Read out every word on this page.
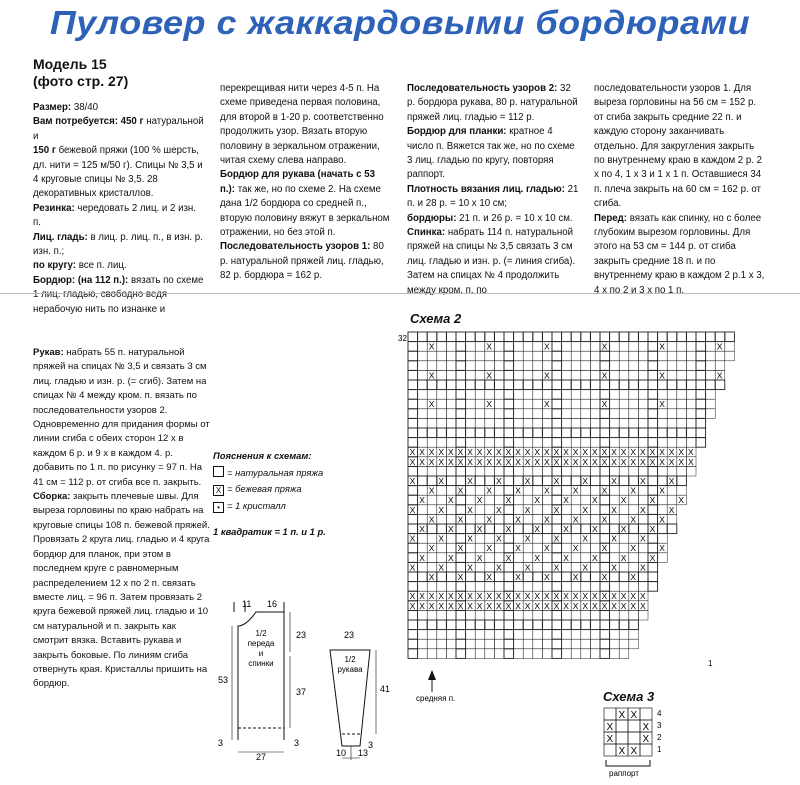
Пуловер с жаккардовыми бордюрами
Модель 15
(фото стр. 27)

Размер: 38/40

Вам потребуется: 450 г натуральной и

150 г бежевой пряжи (100 % шерсть, дл. нити = 125 м/50 г). Спицы № 3,5 и 4 круговые спицы № 3,5. 28 декоративных кристаллов.

Резинка: чередовать 2 лиц. и 2 изн. п.

Лиц. гладь: в лиц. р. лиц. п., в изн. р. изн. п.;

по кругу: все п. лиц.

Бордюр: (на 112 п.): вязать по схеме 1 лиц. гладью, свободно ведя нерабочую нить по изнанке и

перекрещивая нити через 4-5 п. На схеме приведена первая половина, для второй в 1-20 р. соответственно продолжить узор. Вязать вторую половину в зеркальном отражении, читая схему слева направо.

Бордюр для рукава (начать с 53 п.): так же, но по схеме 2. На схеме дана 1/2 бордюра со средней п., вторую половину вяжут в зеркальном отражении, но без этой п.

Последовательность узоров 1: 80 р. натуральной пряжей лиц. гладью, 82 р. бордюра = 162 р.

Последовательность узоров 2: 32 р. бордюра рукава, 80 р. натуральной пряжей лиц. гладью = 112 р.

Бордюр для планки: кратное 4 число п. Вяжется так же, но по схеме 3 лиц. гладью по кругу, повторяя раппорт.

Плотность вязания лиц. гладью: 21 п. и 28 р. = 10 х 10 см;

бордюры: 21 п. и 26 р. = 10 х 10 см.

Спинка: набрать 114 п. натуральной пряжей на спицы № 3,5 связать 3 см лиц. гладью и изн. р. (= линия сгиба). Затем на спицах № 4 продолжить между кром. п. по

последовательности узоров 1. Для выреза горловины на 56 см = 152 р. от сгиба закрыть средние 22 п. и каждую сторону заканчивать отдельно. Для закругления закрыть по внутреннему краю в каждом 2 р. 2 х по 4, 1 х 3 и 1 х 1 п. Оставшиеся 34 п. плеча закрыть на 60 см = 162 р. от сгиба.

Перед: вязать как спинку, но с более глубоким вырезом горловины. Для этого на 53 см = 144 р. от сгиба закрыть средние 18 п. и по внутреннему краю в каждом 2 р.1 х 3, 4 х по 2 и 3 х по 1 п.

Рукав: набрать 55 п. натуральной пряжей на спицах № 3,5 и связать 3 см лиц. гладью и изн. р. (= сгиб). Затем на спицах № 4 между кром. п. вязать по последовательности узоров 2. Одновременно для придания формы от линии сгиба с обеих сторон 12 х в каждом 6 р. и 9 х в каждом 4. р. добавить по 1 п. по рисунку = 97 п. На 41 см = 112 р. от сгиба все п. закрыть.

Сборка: закрыть плечевые швы. Для выреза горловины по краю набрать на круговые спицы 108 п. бежевой пряжей. Провязать 2 круга лиц. гладью и 4 круга бордюр для планок, при этом в последнем круге с равномерным распределением 12 х по 2 п. связать вместе лиц. = 96 п. Затем провязать 2 круга бежевой пряжей лиц. гладью и 10 см натуральной и п. закрыть как смотрит вязка. Вставить рукава и закрыть боковые. По линиям сгиба отвернуть края. Кристаллы пришить на бордюр.

Пояснения к схемам:
= натуральная пряжа
X = бежевая пряжа
• = 1 кристалл
1 квадратик = 1 п. и 1 р.
11 16
23
37
53
3	3
27
1/2
переда
и
спинки
23
41
3
10 13
1/2
рукава
Схема 2
32
1
X	X	X	X	X	X
X	X	X	X	X	X
X	X	X	X	X
X X X X X X X X X X X X X X X X X X X X X X X X X X X X X X
X X X X X X X X X X X X X X X X X X X X X X X X X X X X X X
X	X	X	X	X	X	X	X	X	X
X	X	X	X	X	X	X	X	X
X	X	X	X	X	X	X	X	X	X
X	X	X	X	X	X	X	X	X	X
X	X	X	X	X	X	X	X	X
X	X	X	X	X	X	X	X	X
X	X	X	X	X	X	X	X	X
X	X	X	X	X	X	X	X	X
X	X	X	X	X	X	X	X	X
X	X	X	X	X	X	X	X	X
X	X	X	X	X	X	X	X
X X X X X X X X X X X X X X X X X X X X X X X X X
X X X X X X X X X X X X X X X X X X X X X X X X X
средняя п.	Схема 3
X X
X	X
X	X
X X
4
3
2
1
раппорт
